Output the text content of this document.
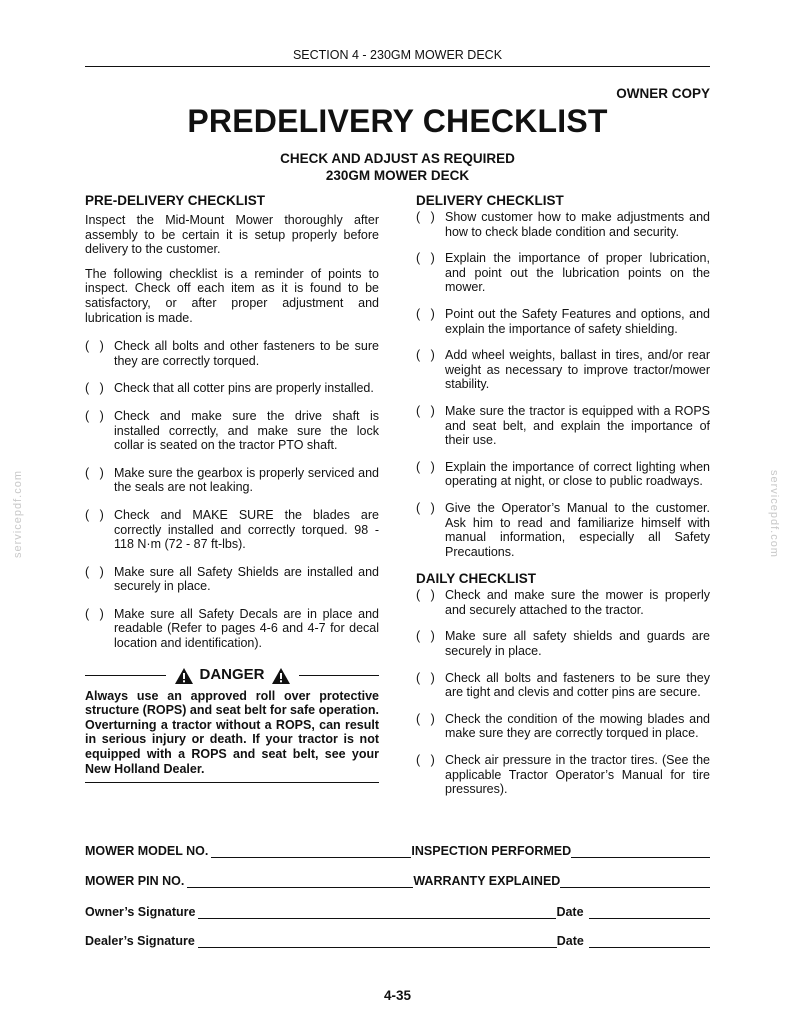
SECTION 4 - 230GM MOWER DECK
OWNER COPY
PREDELIVERY CHECKLIST
CHECK AND ADJUST AS REQUIRED
230GM MOWER DECK
PRE-DELIVERY CHECKLIST

Inspect the Mid-Mount Mower thoroughly after assembly to be certain it is setup properly before delivery to the customer.

The following checklist is a reminder of points to inspect. Check off each item as it is found to be satisfactory, or after proper adjustment and lubrication is made.

(   ) Check all bolts and other fasteners to be sure they are correctly torqued.
(   ) Check that all cotter pins are properly installed.
(   ) Check and make sure the drive shaft is installed correctly, and make sure the lock collar is seated on the tractor PTO shaft.
(   ) Make sure the gearbox is properly serviced and the seals are not leaking.
(   ) Check and MAKE SURE the blades are correctly installed and correctly torqued. 98 - 118 N·m (72 - 87 ft-lbs).
(   ) Make sure all Safety Shields are installed and securely in place.
(   ) Make sure all Safety Decals are in place and readable (Refer to pages 4-6 and 4-7 for decal location and identification).
DANGER
Always use an approved roll over protective structure (ROPS) and seat belt for safe operation. Overturning a tractor without a ROPS, can result in serious injury or death. If your tractor is not equipped with a ROPS and seat belt, see your New Holland Dealer.
DELIVERY CHECKLIST
(   ) Show customer how to make adjustments and how to check blade condition and security.
(   ) Explain the importance of proper lubrication, and point out the lubrication points on the mower.
(   ) Point out the Safety Features and options, and explain the importance of safety shielding.
(   ) Add wheel weights, ballast in tires, and/or rear weight as necessary to improve tractor/mower stability.
(   ) Make sure the tractor is equipped with a ROPS and seat belt, and explain the importance of their use.
(   ) Explain the importance of correct lighting when operating at night, or close to public roadways.
(   ) Give the Operator’s Manual to the customer. Ask him to read and familiarize himself with manual information, especially all Safety Precautions.
DAILY CHECKLIST
(   ) Check and make sure the mower is properly and securely attached to the tractor.
(   ) Make sure all safety shields and guards are securely in place.
(   ) Check all bolts and fasteners to be sure they are tight and clevis and cotter pins are secure.
(   ) Check the condition of the mowing blades and make sure they are correctly torqued in place.
(   ) Check air pressure in the tractor tires. (See the applicable Tractor Operator’s Manual for tire pressures).
MOWER MODEL NO.	INSPECTION PERFORMED
MOWER PIN NO.	WARRANTY EXPLAINED
Owner’s Signature	Date
Dealer’s Signature	Date
4-35
servicepdf.com	servicepdf.com
